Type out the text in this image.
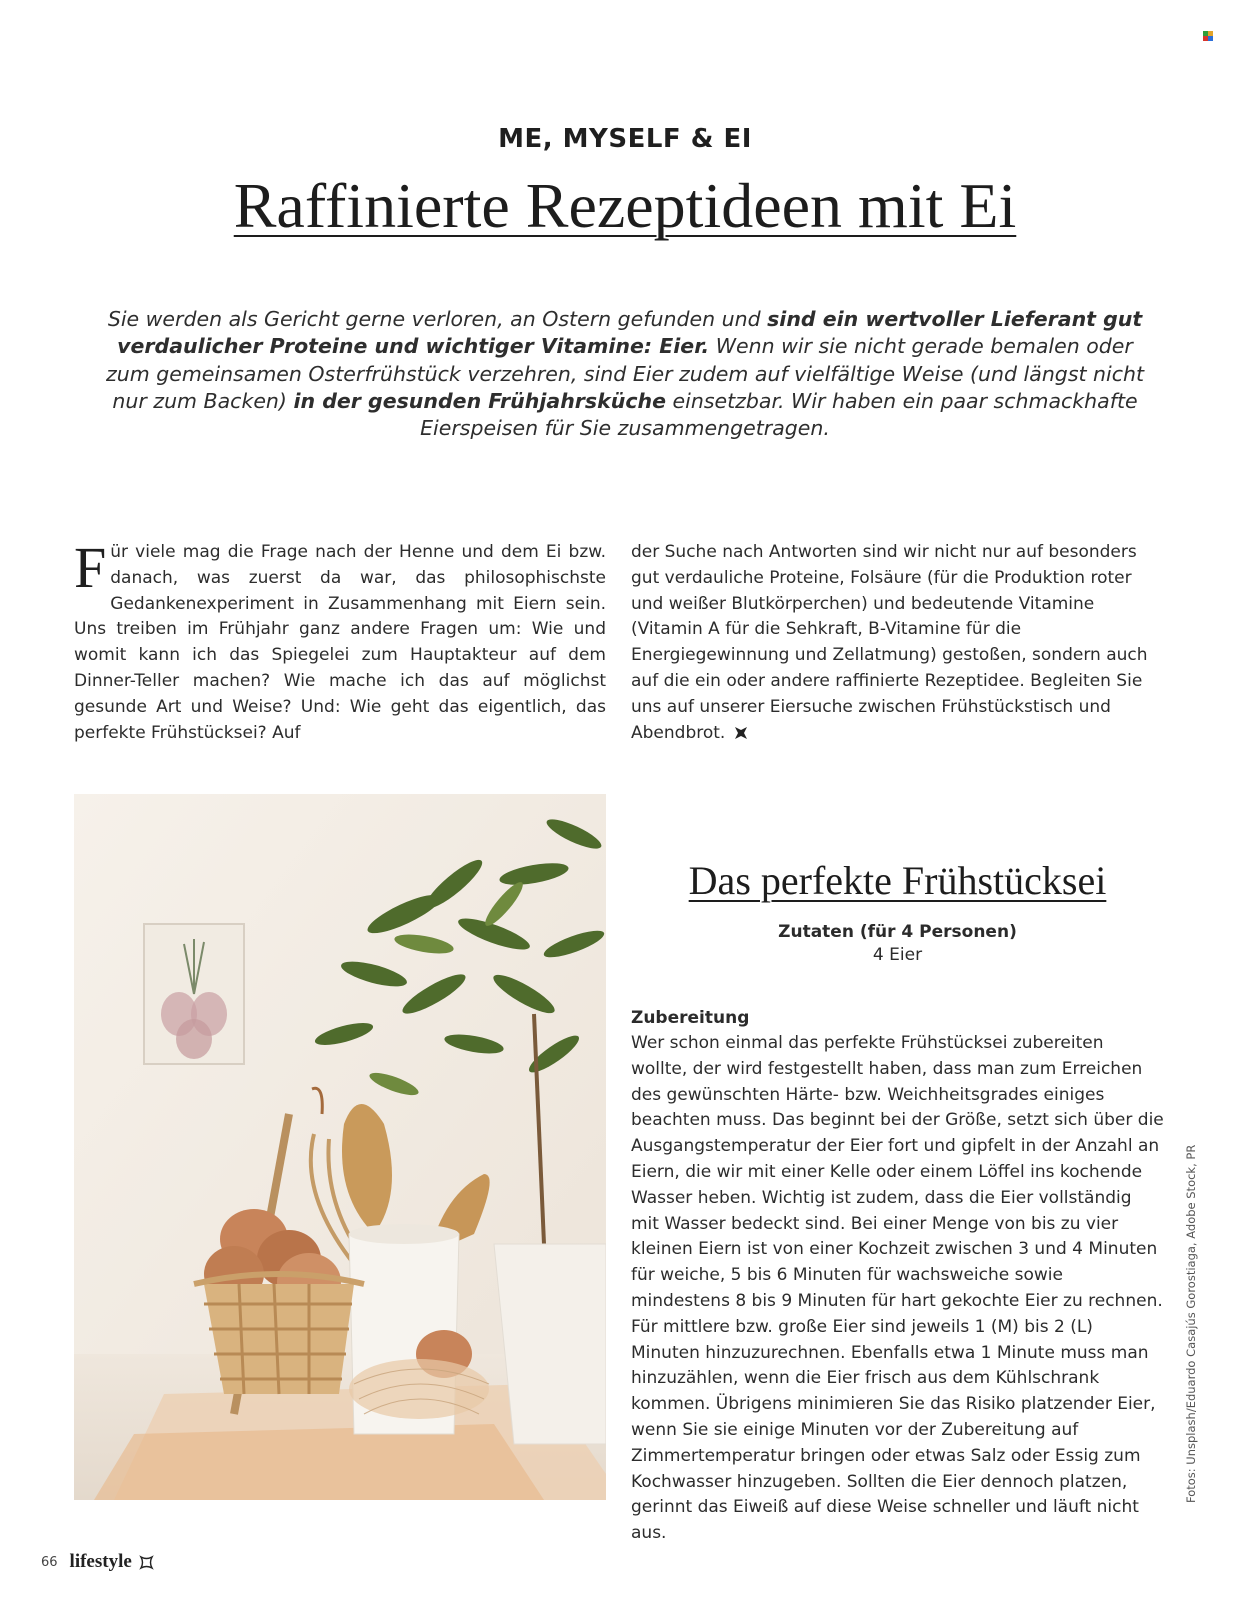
ME, MYSELF & EI
Raffinierte Rezeptideen mit Ei
Sie werden als Gericht gerne verloren, an Ostern gefunden und sind ein wertvoller Lieferant gut verdaulicher Proteine und wichtiger Vitamine: Eier. Wenn wir sie nicht gerade bemalen oder zum gemeinsamen Osterfrühstück verzehren, sind Eier zudem auf vielfältige Weise (und längst nicht nur zum Backen) in der gesunden Frühjahrsküche einsetzbar. Wir haben ein paar schmackhafte Eierspeisen für Sie zusammengetragen.
Für viele mag die Frage nach der Henne und dem Ei bzw. danach, was zuerst da war, das philosophischste Gedankenexperiment in Zusammenhang mit Eiern sein. Uns treiben im Frühjahr ganz andere Fragen um: Wie und womit kann ich das Spiegelei zum Hauptakteur auf dem Dinner-Teller machen? Wie mache ich das auf möglichst gesunde Art und Weise? Und: Wie geht das eigentlich, das perfekte Frühstücksei? Auf
der Suche nach Antworten sind wir nicht nur auf besonders gut verdauliche Proteine, Folsäure (für die Produktion roter und weißer Blutkörperchen) und bedeutende Vitamine (Vitamin A für die Sehkraft, B-Vitamine für die Energiegewinnung und Zellatmung) gestoßen, sondern auch auf die ein oder andere raffinierte Rezeptidee. Begleiten Sie uns auf unserer Eiersuche zwischen Frühstückstisch und Abendbrot.
Das perfekte Frühstücksei
Zutaten (für 4 Personen)
4 Eier
Zubereitung
Wer schon einmal das perfekte Frühstücksei zubereiten wollte, der wird festgestellt haben, dass man zum Erreichen des gewünschten Härte- bzw. Weichheitsgrades einiges beachten muss. Das beginnt bei der Größe, setzt sich über die Ausgangstemperatur der Eier fort und gipfelt in der Anzahl an Eiern, die wir mit einer Kelle oder einem Löffel ins kochende Wasser heben. Wichtig ist zudem, dass die Eier vollständig mit Wasser bedeckt sind. Bei einer Menge von bis zu vier kleinen Eiern ist von einer Kochzeit zwischen 3 und 4 Minuten für weiche, 5 bis 6 Minuten für wachsweiche sowie mindestens 8 bis 9 Minuten für hart gekochte Eier zu rechnen. Für mittlere bzw. große Eier sind jeweils 1 (M) bis 2 (L) Minuten hinzuzurechnen. Ebenfalls etwa 1 Minute muss man hinzuzählen, wenn die Eier frisch aus dem Kühlschrank kommen. Übrigens minimieren Sie das Risiko platzender Eier, wenn Sie sie einige Minuten vor der Zubereitung auf Zimmertemperatur bringen oder etwas Salz oder Essig zum Kochwasser hinzugeben. Sollten die Eier dennoch platzen, gerinnt das Eiweiß auf diese Weise schneller und läuft nicht aus.
Fotos: Unsplash/Eduardo Casajús Gorostiaga, Adobe Stock, PR
66 lifestyle
